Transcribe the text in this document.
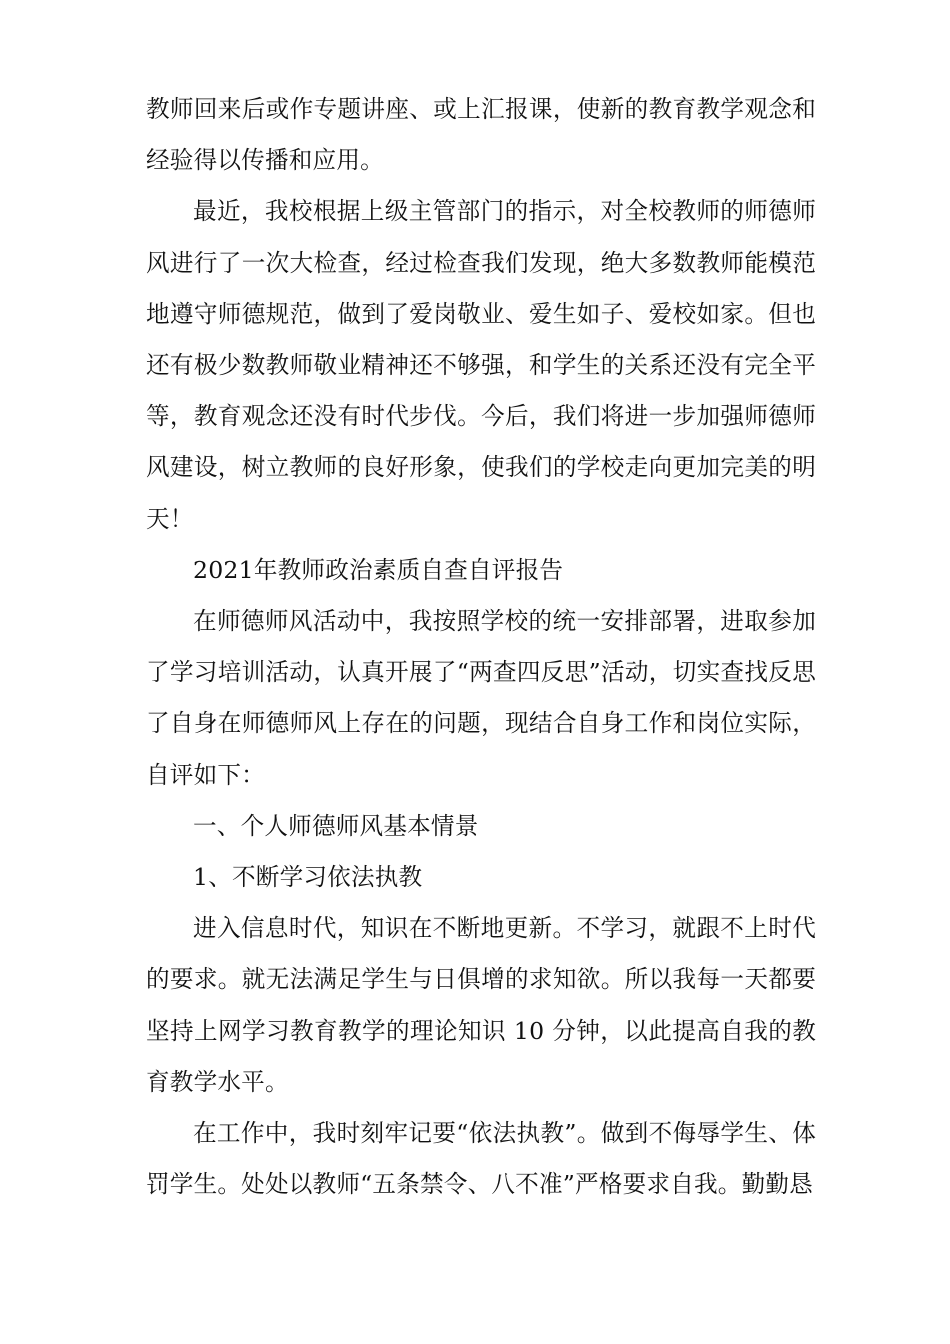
教师回来后或作专题讲座、或上汇报课，使新的教育教学观念和经验得以传播和应用。

最近，我校根据上级主管部门的指示，对全校教师的师德师风进行了一次大检查，经过检查我们发现，绝大多数教师能模范地遵守师德规范，做到了爱岗敬业、爱生如子、爱校如家。但也还有极少数教师敬业精神还不够强，和学生的关系还没有完全平等，教育观念还没有时代步伐。今后，我们将进一步加强师德师风建设，树立教师的良好形象，使我们的学校走向更加完美的明天！

2021年教师政治素质自查自评报告

在师德师风活动中，我按照学校的统一安排部署，进取参加了学习培训活动，认真开展了“两查四反思”活动，切实查找反思了自身在师德师风上存在的问题，现结合自身工作和岗位实际，自评如下：

一、个人师德师风基本情景

1、不断学习依法执教

进入信息时代，知识在不断地更新。不学习，就跟不上时代的要求。就无法满足学生与日俱增的求知欲。所以我每一天都要坚持上网学习教育教学的理论知识 10 分钟，以此提高自我的教育教学水平。

在工作中，我时刻牢记要“依法执教”。做到不侮辱学生、体罚学生。处处以教师“五条禁令、八不准”严格要求自我。勤勤恳
